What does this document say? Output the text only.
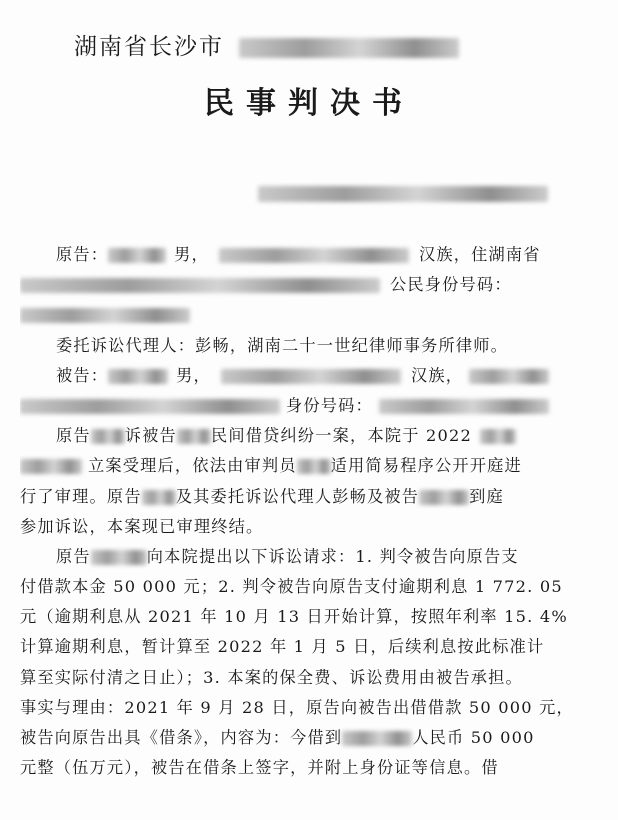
湖南省长沙市
民事判决书
原告：	男，	汉族，住湖南省
公民身份号码：
委托诉讼代理人：彭畅，湖南二十一世纪律师事务所律师。
被告：	男，	汉族，
身份号码：
原告 诉被告 民间借贷纠纷一案，本院于 2022
立案受理后，依法由审判员 适用简易程序公开开庭进
行了审理。原告 及其委托诉讼代理人彭畅及被告	到庭
参加诉讼，本案现已审理终结。
原告	向本院提出以下诉讼请求：1. 判令被告向原告支
付借款本金 50 000 元；2. 判令被告向原告支付逾期利息 1 772. 05
元（逾期利息从 2021 年 10 月 13 日开始计算，按照年利率 15. 4%
计算逾期利息，暂计算至 2022 年 1 月 5 日，后续利息按此标准计
算至实际付清之日止）；3. 本案的保全费、诉讼费用由被告承担。
事实与理由：2021 年 9 月 28 日，原告向被告出借借款 50 000 元，
被告向原告出具《借条》，内容为：今借到	人民币 50 000
元整（伍万元），被告在借条上签字，并附上身份证等信息。借
